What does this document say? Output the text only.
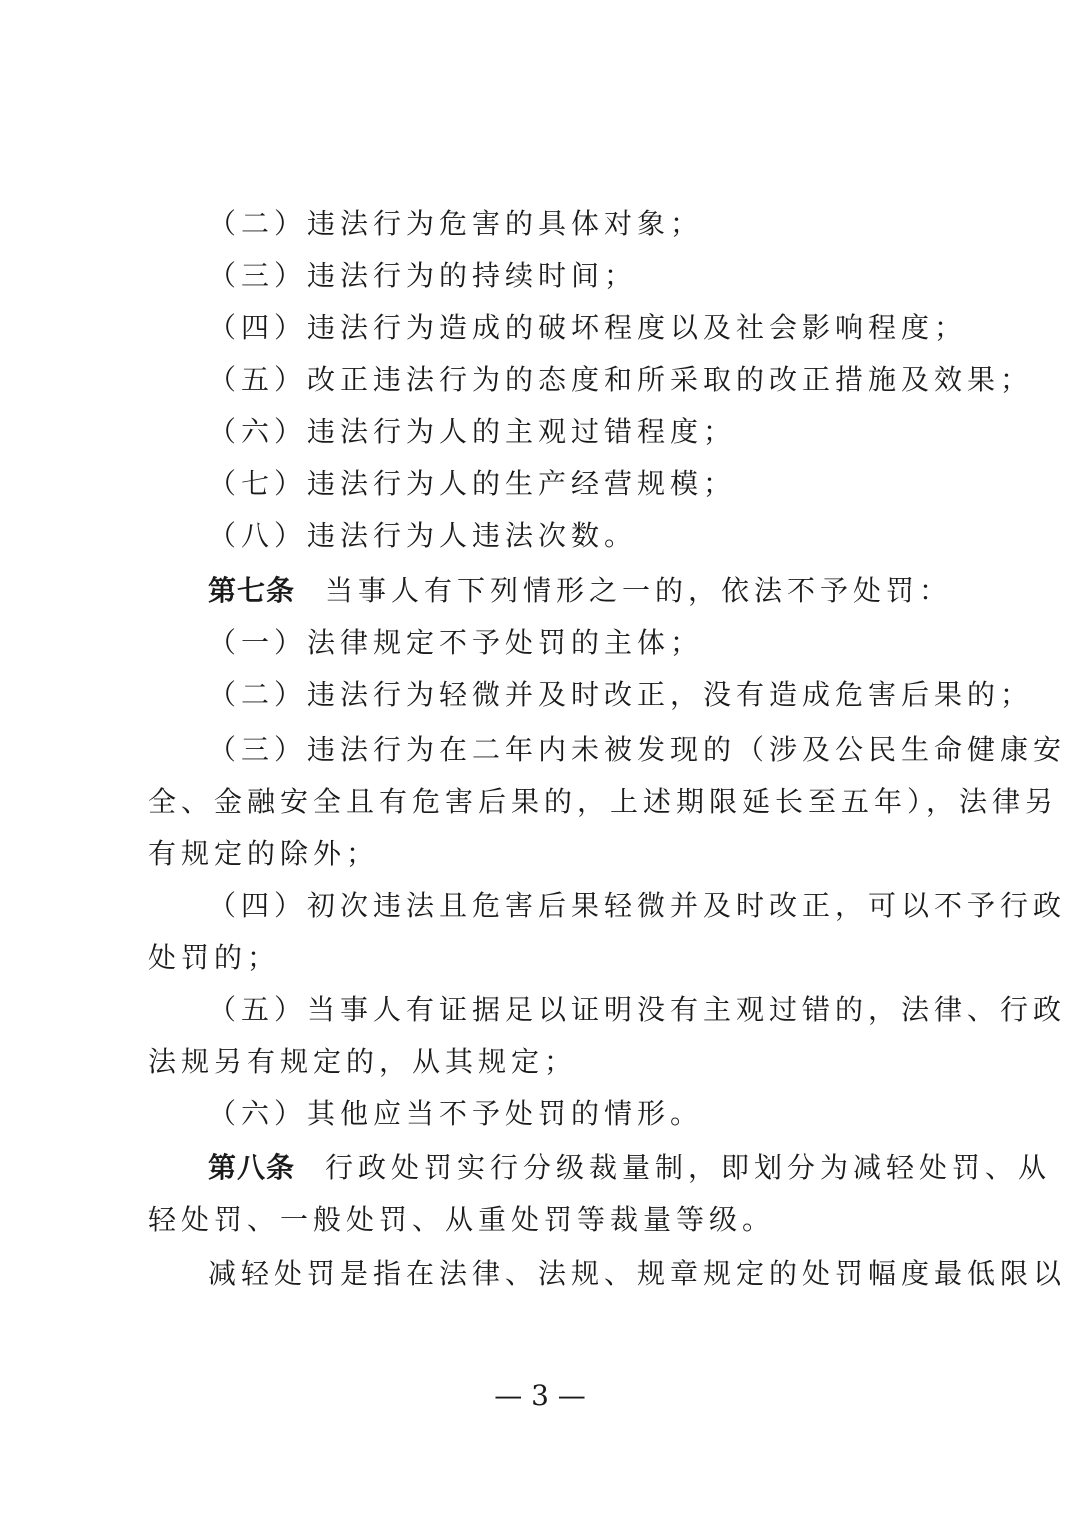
（二）违法行为危害的具体对象；
（三）违法行为的持续时间；
（四）违法行为造成的破坏程度以及社会影响程度；
（五）改正违法行为的态度和所采取的改正措施及效果；
（六）违法行为人的主观过错程度；
（七）违法行为人的生产经营规模；
（八）违法行为人违法次数。
第七条 当事人有下列情形之一的，依法不予处罚：
（一）法律规定不予处罚的主体；
（二）违法行为轻微并及时改正，没有造成危害后果的；
（三）违法行为在二年内未被发现的（涉及公民生命健康安
全、金融安全且有危害后果的，上述期限延长至五年），法律另
有规定的除外；
（四）初次违法且危害后果轻微并及时改正，可以不予行政
处罚的；
（五）当事人有证据足以证明没有主观过错的，法律、行政
法规另有规定的，从其规定；
（六）其他应当不予处罚的情形。
第八条 行政处罚实行分级裁量制，即划分为减轻处罚、从
轻处罚、一般处罚、从重处罚等裁量等级。
减轻处罚是指在法律、法规、规章规定的处罚幅度最低限以
— 3 —
